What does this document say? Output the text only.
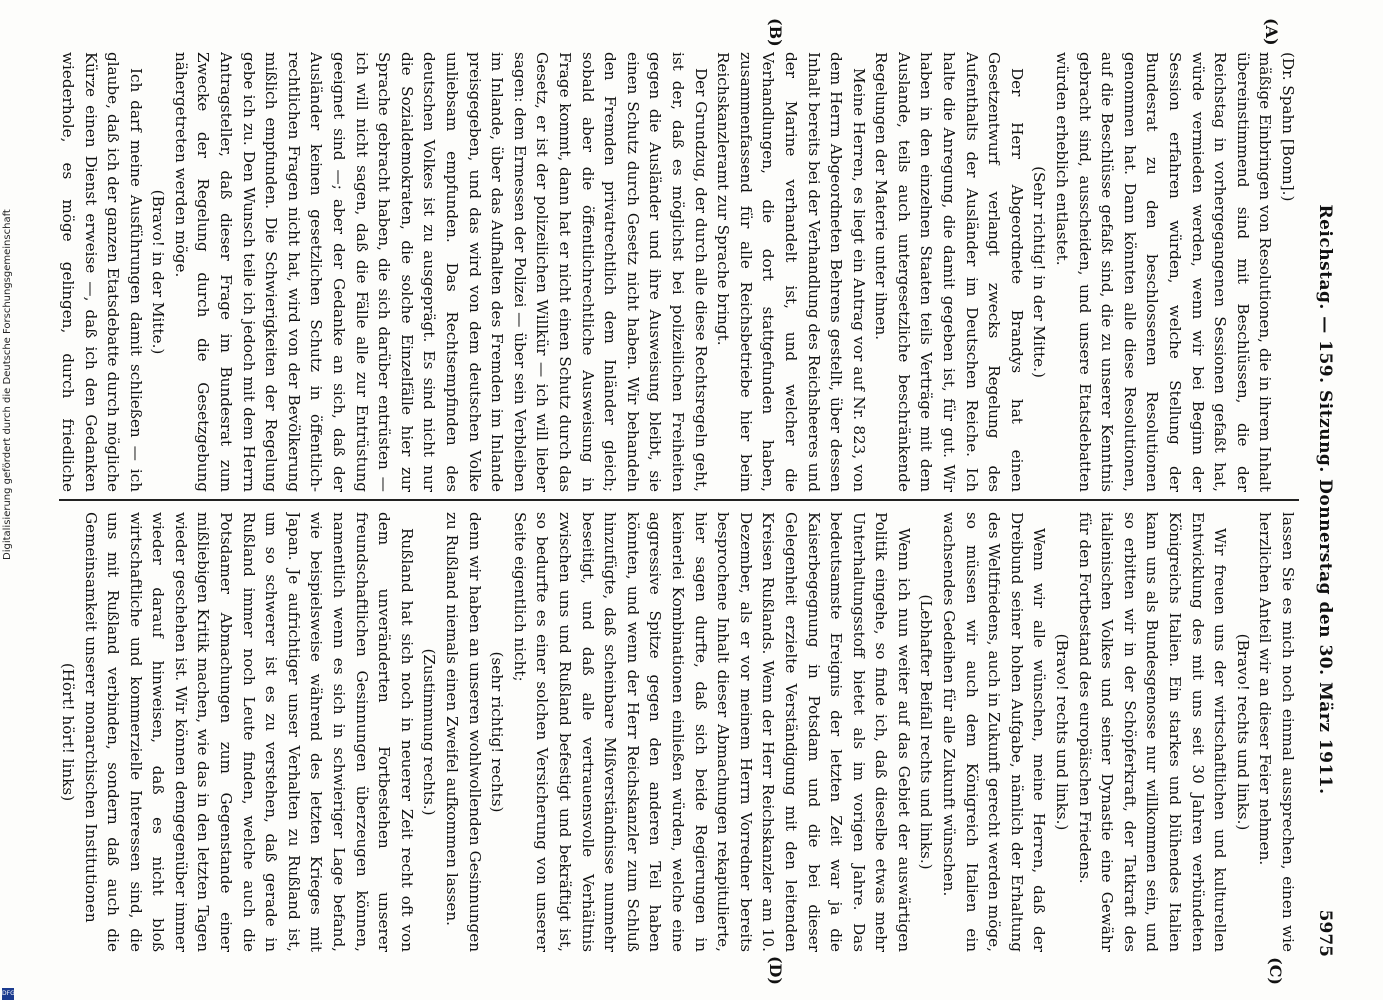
Reichstag. — 159. Sitzung. Donnerstag den 30. März 1911.
5975
(A)
(B)
(C)
(D)

(Dr. Spahn [Bonn].)

mäßige Einbringen von Resolutionen, die in ihrem Inhalt übereinstimmend sind mit Beschlüssen, die der Reichstag in vorhergegangenen Sessionen gefaßt hat, würde vermieden werden, wenn wir bei Beginn der Session erfahren würden, welche Stellung der Bundesrat zu den beschlossenen Resolutionen genommen hat. Dann könnten alle diese Resolutionen, auf die Beschlüsse gefaßt sind, die zu unserer Kenntnis gebracht sind, ausscheiden, und unsere Etatsdebatten würden erheblich entlastet.

(Sehr richtig! in der Mitte.)

Der Herr Abgeordnete Brandys hat einen Gesetzentwurf verlangt zwecks Regelung des Aufenthalts der Ausländer im Deutschen Reiche. Ich halte die Anregung, die damit gegeben ist, für gut. Wir haben in den einzelnen Staaten teils Verträge mit dem Auslande, teils auch untergesetzliche beschränkende Regelungen der Materie unter ihnen.

Meine Herren, es liegt ein Antrag vor auf Nr. 823, von dem Herrn Abgeordneten Behrens gestellt, über dessen Inhalt bereits bei der Verhandlung des Reichsheeres und der Marine verhandelt ist, und welcher die Verhandlungen, die dort stattgefunden haben, zusammenfassend für alle Reichsbetriebe hier beim Reichskanzleramt zur Sprache bringt.

Der Grundzug, der durch alle diese Rechtsregeln geht, ist der, daß es möglichst bei polizeilichen Freiheiten gegen die Ausländer und ihre Ausweisung bleibt, sie einen Schutz durch Gesetz nicht haben. Wir behandeln den Fremden privatrechtlich dem Inländer gleich; sobald aber die öffentlichrechtliche Ausweisung in Frage kommt, dann hat er nicht einen Schutz durch das Gesetz, er ist der polizeilichen Willkür — ich will lieber sagen: dem Ermessen der Polizei — über sein Verbleiben im Inlande, über das Aufhalten des Fremden im Inlande preisgegeben, und das wird von dem deutschen Volke unliebsam empfunden. Das Rechtsempfinden des deutschen Volkes ist zu ausgeprägt. Es sind nicht nur die Sozialdemokraten, die solche Einzelfälle hier zur Sprache gebracht haben, die sich darüber entrüsten — ich will nicht sagen, daß die Fälle alle zur Entrüstung geeignet sind —; aber der Gedanke an sich, daß der Ausländer keinen gesetzlichen Schutz in öffentlich-rechtlichen Fragen nicht hat, wird von der Bevölkerung mißlich empfunden. Die Schwierigkeiten der Regelung gebe ich zu. Den Wunsch teile ich jedoch mit dem Herrn Antragsteller, daß dieser Frage im Bundesrat zum Zwecke der Regelung durch die Gesetzgebung nähergetreten werden möge.

(Bravo! in der Mitte.)

Ich darf meine Ausführungen damit schließen — ich glaube, daß ich der ganzen Etatsdebatte durch mögliche Kürze einen Dienst erweise —, daß ich den Gedanken wiederhole, es möge gelingen, durch friedliche

lassen Sie es mich noch einmal aussprechen, einen wie herzlichen Anteil wir an dieser Feier nehmen.

(Bravo! rechts und links.)

Wir freuen uns der wirtschaftlichen und kulturellen Entwicklung des mit uns seit 30 Jahren verbündeten Königreichs Italien. Ein starkes und blühendes Italien kann uns als Bundesgenosse nur willkommen sein, und so erbitten wir in der Schöpferkraft, der Tatkraft des italienischen Volkes und seiner Dynastie eine Gewähr für den Fortbestand des europäischen Friedens.

(Bravo! rechts und links.)

Wenn wir alle wünschen, meine Herren, daß der Dreibund seiner hohen Aufgabe, nämlich der Erhaltung des Weltfriedens, auch in Zukunft gerecht werden möge, so müssen wir auch dem Königreich Italien ein wachsendes Gedeihen für alle Zukunft wünschen.

(Lebhafter Beifall rechts und links.)

Wenn ich nun weiter auf das Gebiet der auswärtigen Politik eingehe, so finde ich, daß dieselbe etwas mehr Unterhaltungsstoff bietet als im vorigen Jahre. Das bedeutsamste Ereignis der letzten Zeit war ja die Kaiserbegegnung in Potsdam und die bei dieser Gelegenheit erzielte Verständigung mit den leitenden Kreisen Rußlands. Wenn der Herr Reichskanzler am 10. Dezember, als er vor meinem Herrn Vorredner bereits besprochene Inhalt dieser Abmachungen rekapitulierte, hier sagen durfte, daß sich beide Regierungen in keinerlei Kombinationen einließen würden, welche eine aggressive Spitze gegen den anderen Teil haben könnten, und wenn der Herr Reichskanzler zum Schluß hinzufügte, daß scheinbare Mißverständnisse nunmehr beseitigt, und daß alle vertrauensvolle Verhältnis zwischen uns und Rußland befestigt und bekräftigt ist, so bedurfte es einer solchen Versicherung von unserer Seite eigentlich nicht;

(sehr richtig! rechts)

denn wir haben an unseren wohlwollenden Gesinnungen zu Rußland niemals einen Zweifel aufkommen lassen.

(Zustimmung rechts.)

Rußland hat sich noch in neuerer Zeit recht oft von dem unveränderten Fortbestehen unserer freundschaftlichen Gesinnungen überzeugen können, namentlich wenn es sich in schwieriger Lage befand, wie beispielsweise während des letzten Krieges mit Japan. Je aufrichtiger unser Verhalten zu Rußland ist, um so schwerer ist es zu verstehen, daß gerade in Rußland immer noch Leute finden, welche auch die Potsdamer Abmachungen zum Gegenstande einer mißliebigen Kritik machen, wie das in den letzten Tagen wieder geschehen ist. Wir können demgegenüber immer wieder darauf hinweisen, daß es nicht bloß wirtschaftliche und kommerzielle Interessen sind, die uns mit Rußland verbinden, sondern daß auch die Gemeinsamkeit unserer monarchischen Institutionen

(Hört! hört! links)

Digitalisierung gefördert durch die Deutsche Forschungsgemeinschaft
DFG
